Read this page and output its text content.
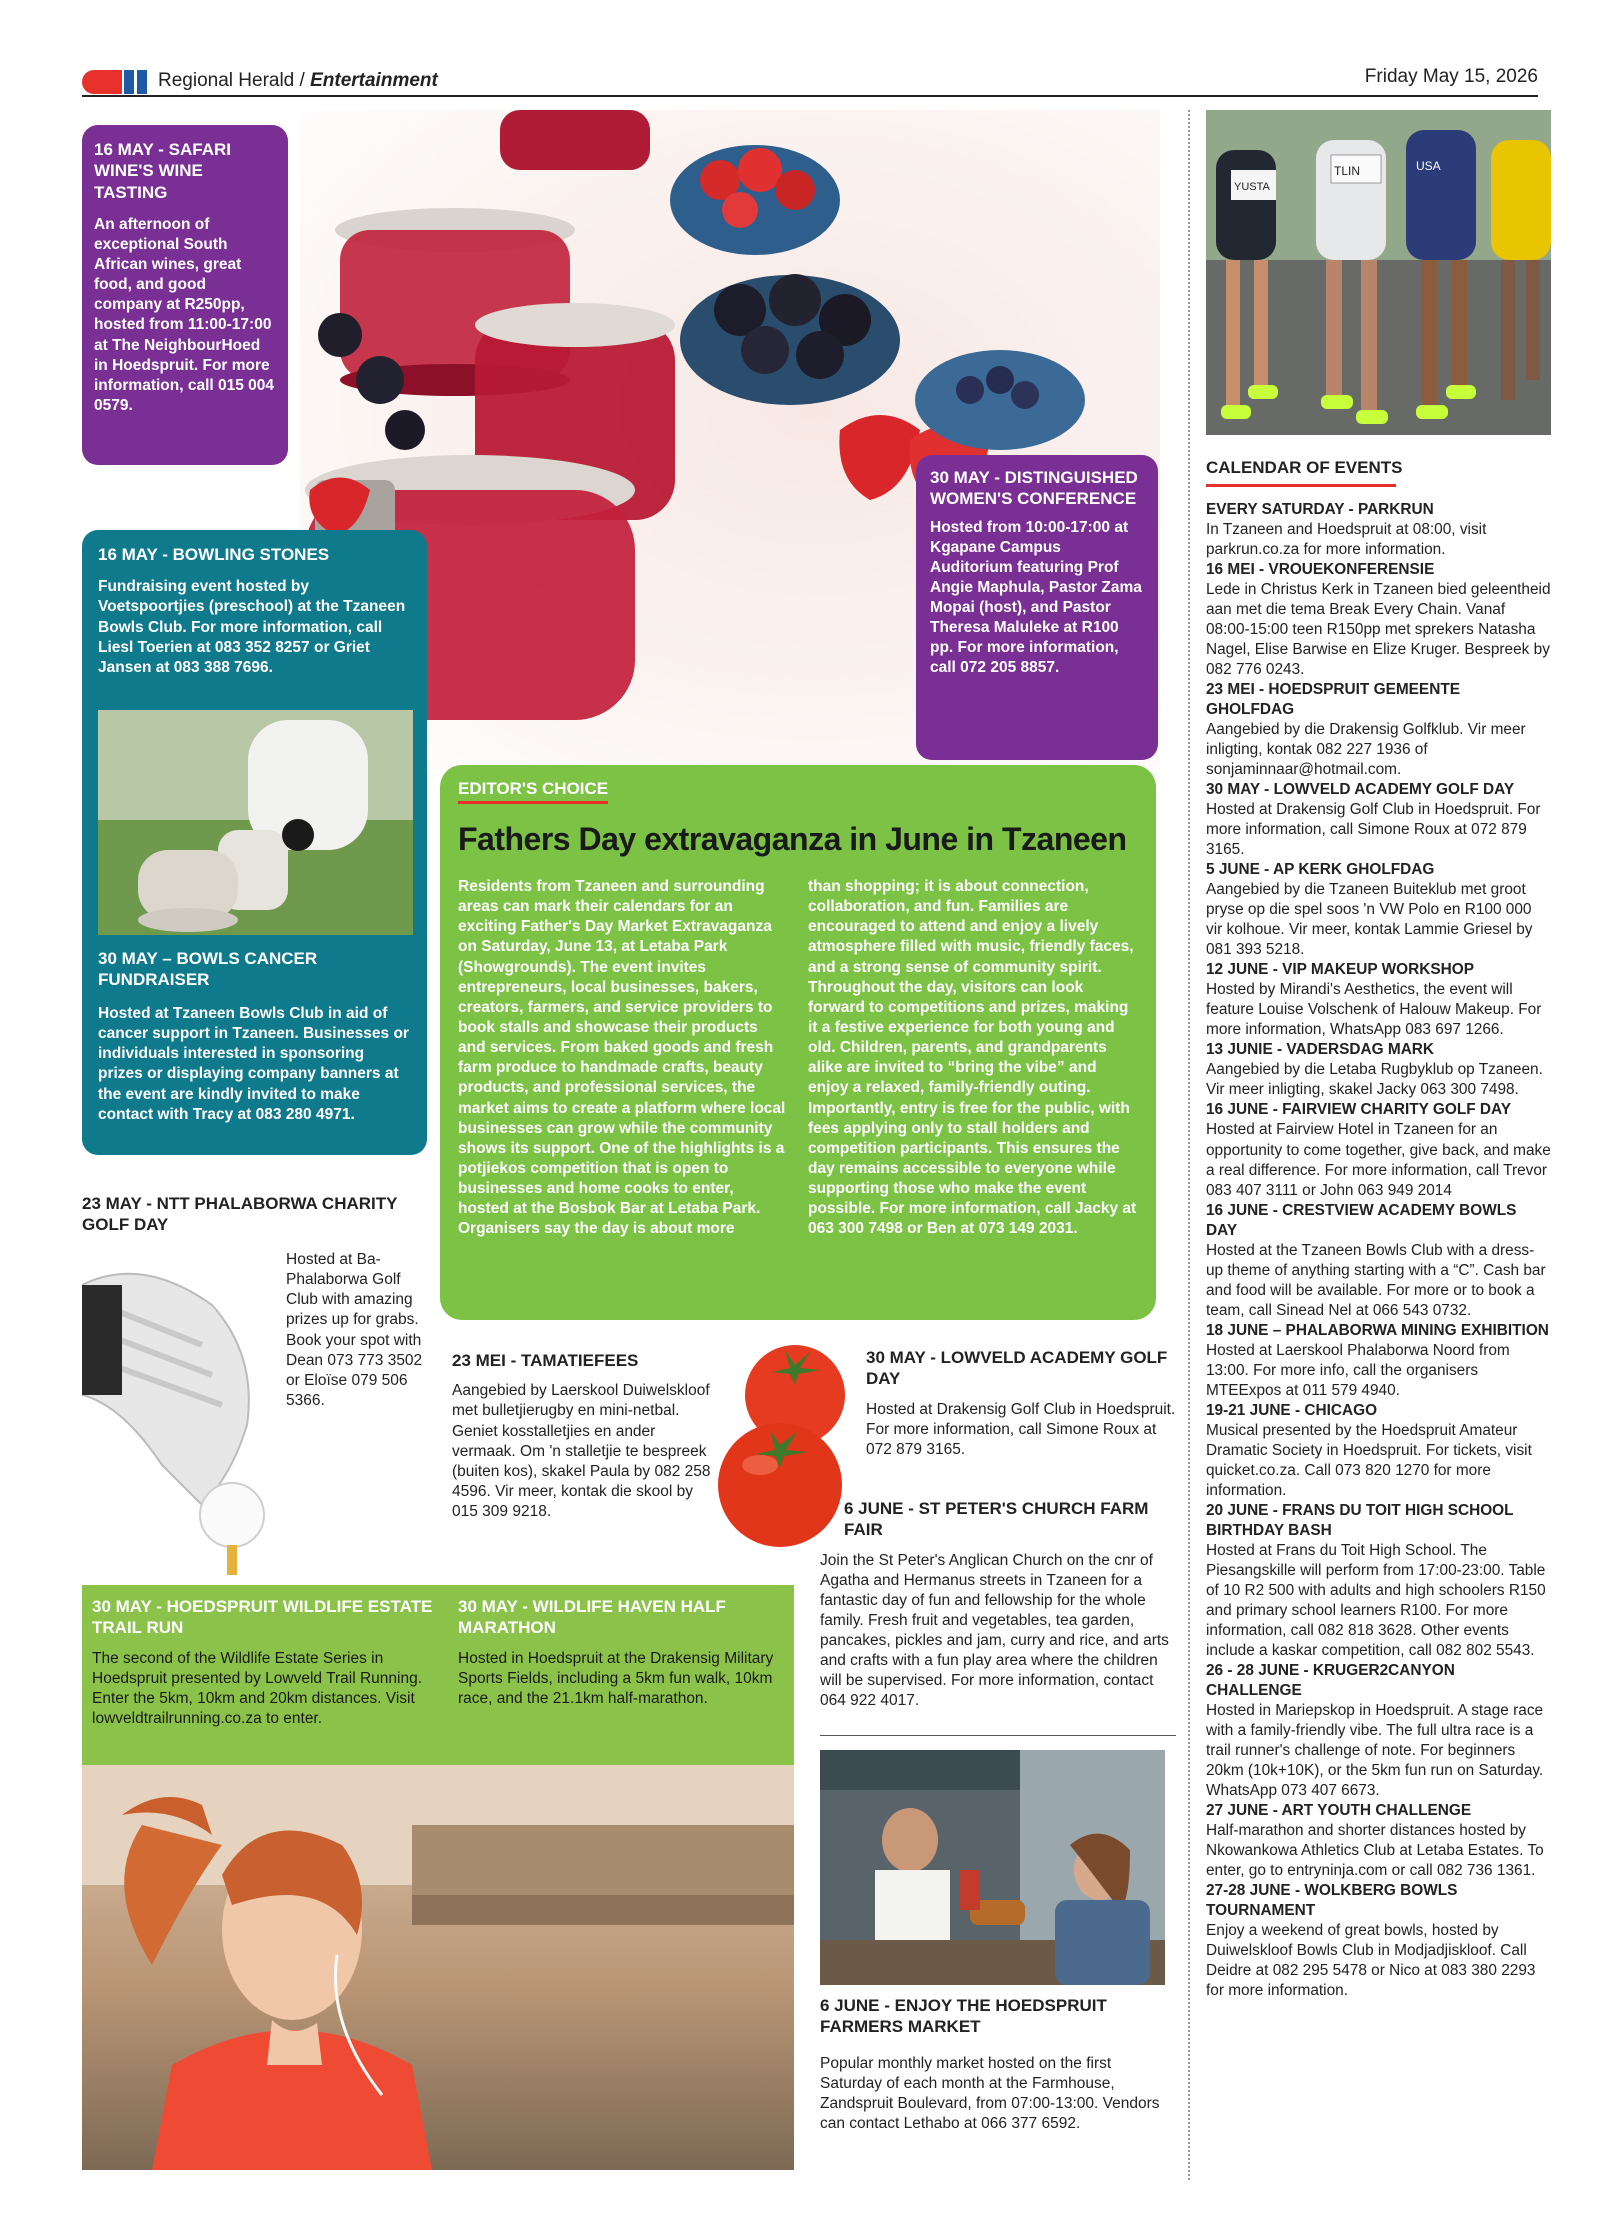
Regional Herald / Entertainment	Friday May 15, 2026
16 MAY - SAFARI WINE'S WINE TASTING

An afternoon of exceptional South African wines, great food, and good company at R250pp, hosted from 11:00-17:00 at The NeighbourHoed in Hoedspruit. For more information, call 015 004 0579.

16 MAY - BOWLING STONES

Fundraising event hosted by Voetspoortjies (preschool) at the Tzaneen Bowls Club. For more information, call Liesl Toerien at 083 352 8257 or Griet Jansen at 083 388 7696.

30 MAY – BOWLS CANCER FUNDRAISER

Hosted at Tzaneen Bowls Club in aid of cancer support in Tzaneen. Businesses or individuals interested in sponsoring prizes or displaying company banners at the event are kindly invited to make contact with Tracy at 083 280 4971.

30 MAY - DISTINGUISHED WOMEN'S CONFERENCE

Hosted from 10:00-17:00 at Kgapane Campus Auditorium featuring Prof Angie Maphula, Pastor Zama Mopai (host), and Pastor Theresa Maluleke at R100 pp. For more information, call 072 205 8857.

EDITOR'S CHOICE
Fathers Day extravaganza in June in Tzaneen
Residents from Tzaneen and surrounding areas can mark their calendars for an exciting Father's Day Market Extravaganza on Saturday, June 13, at Letaba Park (Showgrounds). The event invites entrepreneurs, local businesses, bakers, creators, farmers, and service providers to book stalls and showcase their products and services. From baked goods and fresh farm produce to handmade crafts, beauty products, and professional services, the market aims to create a platform where local businesses can grow while the community shows its support. One of the highlights is a potjiekos competition that is open to businesses and home cooks to enter, hosted at the Bosbok Bar at Letaba Park. Organisers say the day is about more
than shopping; it is about connection, collaboration, and fun. Families are encouraged to attend and enjoy a lively atmosphere filled with music, friendly faces, and a strong sense of community spirit. Throughout the day, visitors can look forward to competitions and prizes, making it a festive experience for both young and old. Children, parents, and grandparents alike are invited to “bring the vibe” and enjoy a relaxed, family-friendly outing. Importantly, entry is free for the public, with fees applying only to stall holders and competition participants. This ensures the day remains accessible to everyone while supporting those who make the event possible. For more information, call Jacky at 063 300 7498 or Ben at 073 149 2031.
23 MAY - NTT PHALABORWA CHARITY GOLF DAY

Hosted at Ba-Phalaborwa Golf Club with amazing prizes up for grabs. Book your spot with Dean 073 773 3502 or Eloïse 079 506 5366.

23 MEI - TAMATIEFEES

Aangebied by Laerskool Duiwelskloof met bulletjierugby en mini-netbal. Geniet kosstalletjies en ander vermaak. Om 'n stalletjie te bespreek (buiten kos), skakel Paula by 082 258 4596. Vir meer, kontak die skool by 015 309 9218.

30 MAY - LOWVELD ACADEMY GOLF DAY

Hosted at Drakensig Golf Club in Hoedspruit. For more information, call Simone Roux at 072 879 3165.

6 JUNE - ST PETER'S CHURCH FARM FAIR

Join the St Peter's Anglican Church on the cnr of Agatha and Hermanus streets in Tzaneen for a fantastic day of fun and fellowship for the whole family. Fresh fruit and vegetables, tea garden, pancakes, pickles and jam, curry and rice, and arts and crafts with a fun play area where the children will be supervised. For more information, contact 064 922 4017.

30 MAY - HOEDSPRUIT WILDLIFE ESTATE TRAIL RUN

The second of the Wildlife Estate Series in Hoedspruit presented by Lowveld Trail Running. Enter the 5km, 10km and 20km distances. Visit lowveldtrailrunning.co.za to enter.

30 MAY - WILDLIFE HAVEN HALF MARATHON

Hosted in Hoedspruit at the Drakensig Military Sports Fields, including a 5km fun walk, 10km race, and the 21.1km half-marathon.

6 JUNE - ENJOY THE HOEDSPRUIT FARMERS MARKET

Popular monthly market hosted on the first Saturday of each month at the Farmhouse, Zandspruit Boulevard, from 07:00-13:00. Vendors can contact Lethabo at 066 377 6592.

YUSTA
TLIN	USA
CALENDAR OF EVENTS
EVERY SATURDAY - PARKRUN
In Tzaneen and Hoedspruit at 08:00, visit parkrun.co.za for more information.
16 MEI - VROUEKONFERENSIE
Lede in Christus Kerk in Tzaneen bied geleentheid aan met die tema Break Every Chain. Vanaf 08:00-15:00 teen R150pp met sprekers Natasha Nagel, Elise Barwise en Elize Kruger. Bespreek by 082 776 0243.
23 MEI - HOEDSPRUIT GEMEENTE GHOLFDAG
Aangebied by die Drakensig Golfklub. Vir meer inligting, kontak 082 227 1936 of sonjaminnaar@hotmail.com.
30 MAY - LOWVELD ACADEMY GOLF DAY
Hosted at Drakensig Golf Club in Hoedspruit. For more information, call Simone Roux at 072 879 3165.
5 JUNE - AP KERK GHOLFDAG
Aangebied by die Tzaneen Buiteklub met groot pryse op die spel soos 'n VW Polo en R100 000 vir kolhoue. Vir meer, kontak Lammie Griesel by 081 393 5218.
12 JUNE - VIP MAKEUP WORKSHOP
Hosted by Mirandi's Aesthetics, the event will feature Louise Volschenk of Halouw Makeup. For more information, WhatsApp 083 697 1266.
13 JUNIE - VADERSDAG MARK
Aangebied by die Letaba Rugbyklub op Tzaneen. Vir meer inligting, skakel Jacky 063 300 7498.
16 JUNE - FAIRVIEW CHARITY GOLF DAY
Hosted at Fairview Hotel in Tzaneen for an opportunity to come together, give back, and make a real difference. For more information, call Trevor 083 407 3111 or John 063 949 2014
16 JUNE - CRESTVIEW ACADEMY BOWLS DAY
Hosted at the Tzaneen Bowls Club with a dress-up theme of anything starting with a “C”. Cash bar and food will be available. For more or to book a team, call Sinead Nel at 066 543 0732.
18 JUNE – PHALABORWA MINING EXHIBITION
Hosted at Laerskool Phalaborwa Noord from 13:00. For more info, call the organisers MTEExpos at 011 579 4940.
19-21 JUNE - CHICAGO
Musical presented by the Hoedspruit Amateur Dramatic Society in Hoedspruit. For tickets, visit quicket.co.za. Call 073 820 1270 for more information.
20 JUNE - FRANS DU TOIT HIGH SCHOOL BIRTHDAY BASH
Hosted at Frans du Toit High School. The Piesangskille will perform from 17:00-23:00. Table of 10 R2 500 with adults and high schoolers R150 and primary school learners R100. For more information, call 082 818 3628. Other events include a kaskar competition, call 082 802 5543.
26 - 28 JUNE - KRUGER2CANYON CHALLENGE
Hosted in Mariepskop in Hoedspruit. A stage race with a family-friendly vibe. The full ultra race is a trail runner's challenge of note. For beginners 20km (10k+10K), or the 5km fun run on Saturday. WhatsApp 073 407 6673.
27 JUNE - ART YOUTH CHALLENGE
Half-marathon and shorter distances hosted by Nkowankowa Athletics Club at Letaba Estates. To enter, go to entryninja.com or call 082 736 1361.
27-28 JUNE - WOLKBERG BOWLS TOURNAMENT
Enjoy a weekend of great bowls, hosted by Duiwelskloof Bowls Club in Modjadjiskloof. Call Deidre at 082 295 5478 or Nico at 083 380 2293 for more information.
